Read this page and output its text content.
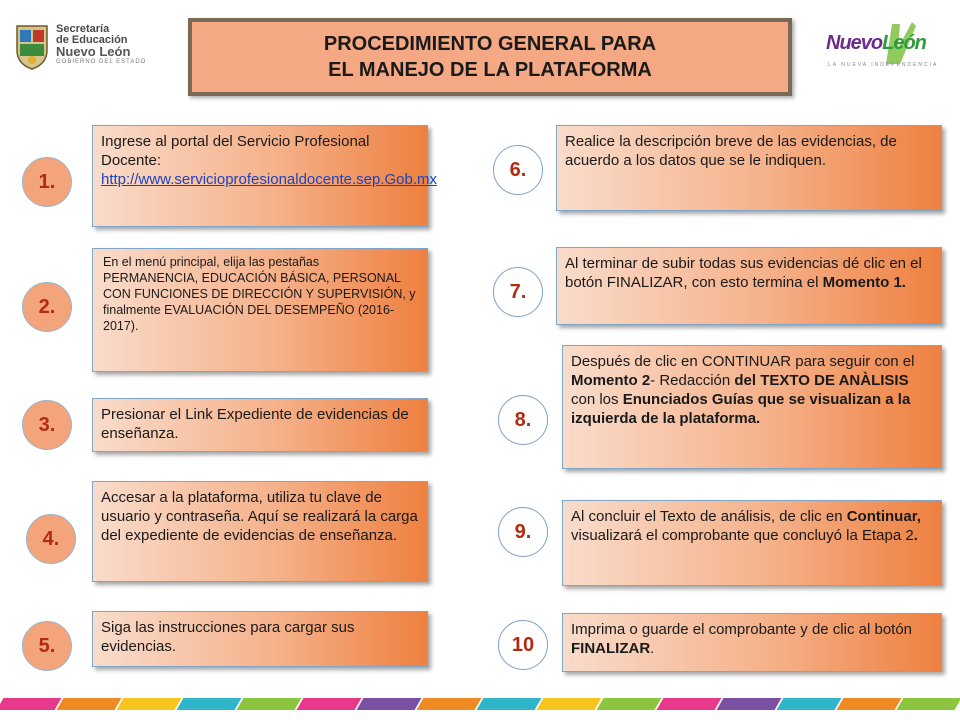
Secretaría
de Educación
Nuevo León
GOBIERNO DEL ESTADO
PROCEDIMIENTO GENERAL PARA
EL MANEJO DE LA PLATAFORMA
NuevoLeón
LA NUEVA INDEPENDENCIA
1.
Ingrese al portal del Servicio Profesional Docente: http://www.servicioprofesionaldocente.sep.Gob.mx
2.
En el menú principal, elija las pestañas PERMANENCIA, EDUCACIÓN BÁSICA, PERSONAL CON FUNCIONES DE DIRECCIÓN Y SUPERVISIÓN, y finalmente EVALUACIÓN DEL DESEMPEÑO (2016-2017).
3.	Presionar el Link Expediente de evidencias de enseñanza.
4.
Accesar a la plataforma, utiliza tu clave de usuario y contraseña. Aquí se realizará la carga del expediente de evidencias de enseñanza.
5.
Siga las instrucciones para cargar sus evidencias.
6.
Realice la descripción breve de las evidencias, de acuerdo a los datos que se le indiquen.
7.
Al terminar de subir todas sus evidencias dé clic en el botón FINALIZAR, con esto termina el Momento 1.
8.
Después de clic en CONTINUAR para seguir con el Momento 2- Redacción del TEXTO DE ANÀLISIS con los Enunciados Guías que se visualizan a la izquierda de la plataforma.
9.
Al concluir el Texto de análisis, de clic en Continuar, visualizará el comprobante que concluyó la Etapa 2.
10
Imprima o guarde el comprobante y de clic al botón FINALIZAR.
